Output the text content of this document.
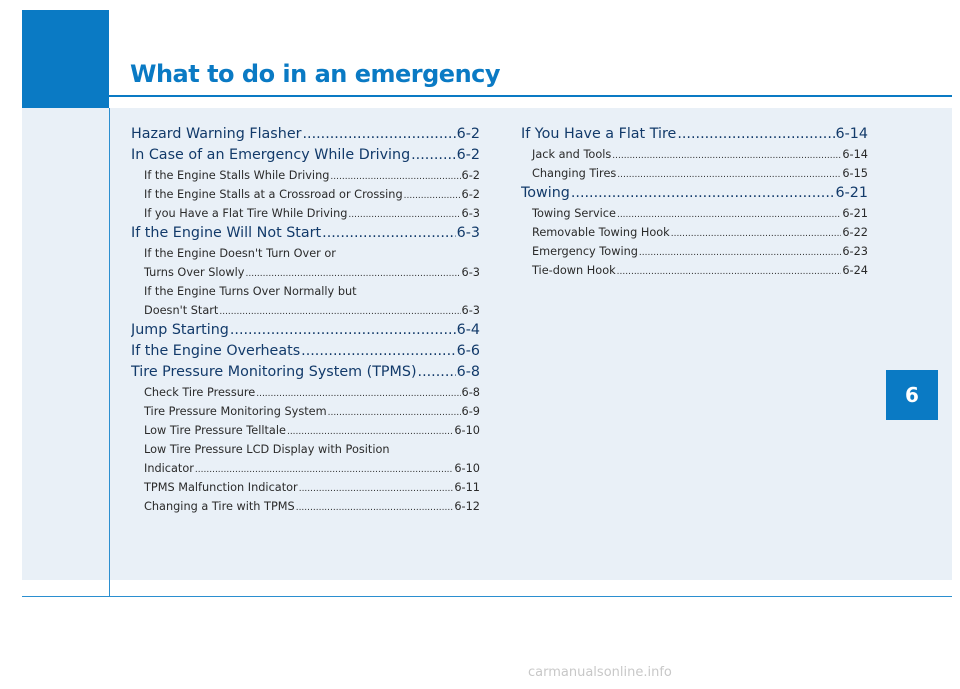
What to do in an emergency
Hazard Warning Flasher .....	6-2
In Case of an Emergency While Driving .....	6-2
If the Engine Stalls While Driving .....	6-2
If the Engine Stalls at a Crossroad or Crossing .....	6-2
If you Have a Flat Tire While Driving .....	6-3
If the Engine Will Not Start .....	6-3
If the Engine Doesn't Turn Over or
Turns Over Slowly .....	6-3
If the Engine Turns Over Normally but
Doesn't Start .....	6-3
Jump Starting .....	6-4
If the Engine Overheats .....	6-6
Tire Pressure Monitoring System (TPMS) .....	6-8
Check Tire Pressure .....	6-8
Tire Pressure Monitoring System .....	6-9
Low Tire Pressure Telltale .....	6-10
Low Tire Pressure LCD Display with Position
Indicator .....	6-10
TPMS Malfunction Indicator .....	6-11
Changing a Tire with TPMS .....	6-12
If You Have a Flat Tire .....	6-14
Jack and Tools .....	6-14
Changing Tires .....	6-15
Towing .....	6-21
Towing Service .....	6-21
Removable Towing Hook .....	6-22
Emergency Towing .....	6-23
Tie-down Hook .....	6-24
6
carmanualsonline.info
